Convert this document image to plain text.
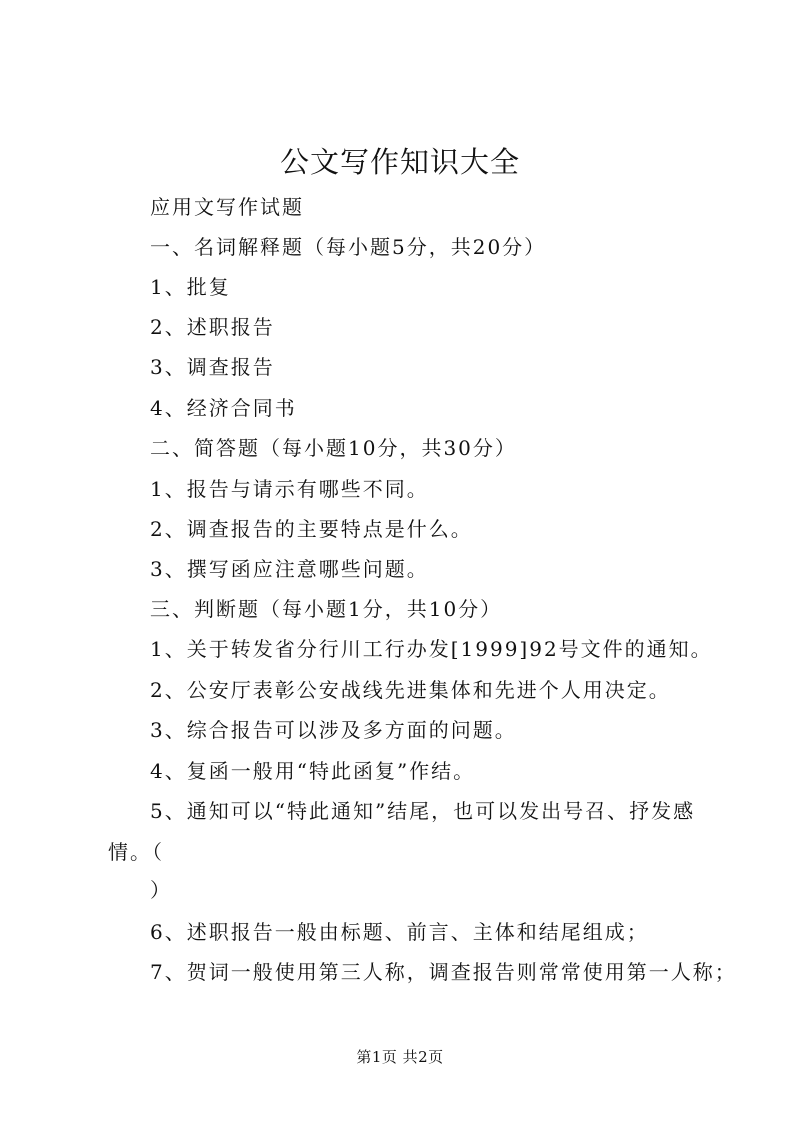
公文写作知识大全
应用文写作试题
一、名词解释题（每小题5分，共20分）
1、批复
2、述职报告
3、调查报告
4、经济合同书
二、简答题（每小题10分，共30分）
1、报告与请示有哪些不同。
2、调查报告的主要特点是什么。
3、撰写函应注意哪些问题。
三、判断题（每小题1分，共10分）
1、关于转发省分行川工行办发[1999]92号文件的通知。
2、公安厅表彰公安战线先进集体和先进个人用决定。
3、综合报告可以涉及多方面的问题。
4、复函一般用“特此函复”作结。
5、通知可以“特此通知”结尾，也可以发出号召、抒发感
情。（
）
6、述职报告一般由标题、前言、主体和结尾组成；
7、贺词一般使用第三人称，调查报告则常常使用第一人称；
第1页 共2页
